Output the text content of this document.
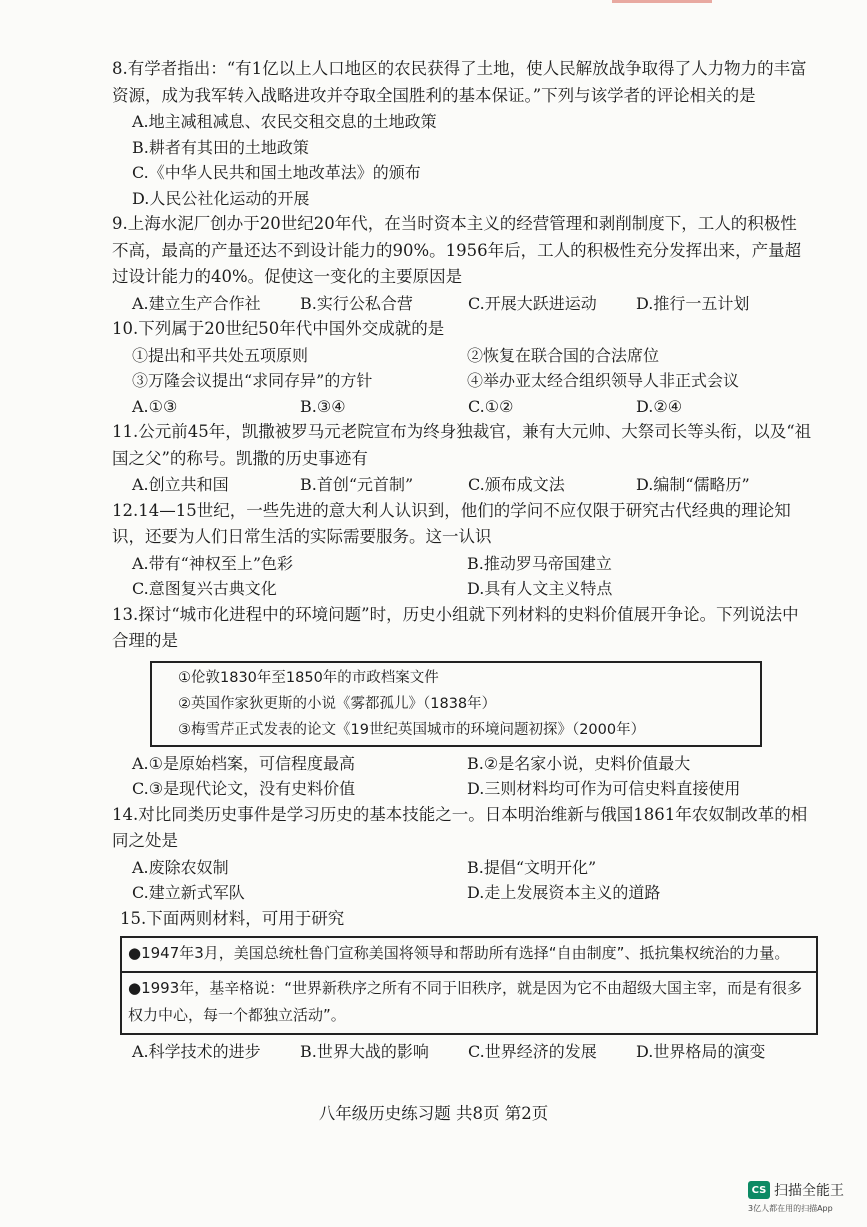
8.有学者指出：“有1亿以上人口地区的农民获得了土地，使人民解放战争取得了人力物力的丰富资源，成为我军转入战略进攻并夺取全国胜利的基本保证。”下列与该学者的评论相关的是
A.地主减租减息、农民交租交息的土地政策
B.耕者有其田的土地政策
C.《中华人民共和国土地改革法》的颁布
D.人民公社化运动的开展
9.上海水泥厂创办于20世纪20年代，在当时资本主义的经营管理和剥削制度下，工人的积极性不高，最高的产量还达不到设计能力的90%。1956年后，工人的积极性充分发挥出来，产量超过设计能力的40%。促使这一变化的主要原因是
A.建立生产合作社	B.实行公私合营	C.开展大跃进运动	D.推行一五计划
10.下列属于20世纪50年代中国外交成就的是
①提出和平共处五项原则	②恢复在联合国的合法席位
③万隆会议提出“求同存异”的方针	④举办亚太经合组织领导人非正式会议
A.①③	B.③④	C.①②	D.②④
11.公元前45年，凯撒被罗马元老院宣布为终身独裁官，兼有大元帅、大祭司长等头衔，以及“祖国之父”的称号。凯撒的历史事迹有
A.创立共和国	B.首创“元首制”	C.颁布成文法	D.编制“儒略历”
12.14—15世纪，一些先进的意大利人认识到，他们的学问不应仅限于研究古代经典的理论知识，还要为人们日常生活的实际需要服务。这一认识
A.带有“神权至上”色彩	B.推动罗马帝国建立
C.意图复兴古典文化	D.具有人文主义特点
13.探讨“城市化进程中的环境问题”时，历史小组就下列材料的史料价值展开争论。下列说法中合理的是
①伦敦1830年至1850年的市政档案文件
②英国作家狄更斯的小说《雾都孤儿》（1838年）
③梅雪芹正式发表的论文《19世纪英国城市的环境问题初探》（2000年）
A.①是原始档案，可信程度最高	B.②是名家小说，史料价值最大
C.③是现代论文，没有史料价值	D.三则材料均可作为可信史料直接使用
14.对比同类历史事件是学习历史的基本技能之一。日本明治维新与俄国1861年农奴制改革的相同之处是
A.废除农奴制	B.提倡“文明开化”
C.建立新式军队	D.走上发展资本主义的道路
15.下面两则材料，可用于研究
●1947年3月，美国总统杜鲁门宣称美国将领导和帮助所有选择“自由制度”、抵抗集权统治的力量。
●1993年，基辛格说：“世界新秩序之所有不同于旧秩序，就是因为它不由超级大国主宰，而是有很多权力中心，每一个都独立活动”。
A.科学技术的进步	B.世界大战的影响	C.世界经济的发展	D.世界格局的演变
八年级历史练习题 共8页 第2页
CS 扫描全能王
3亿人都在用的扫描App
